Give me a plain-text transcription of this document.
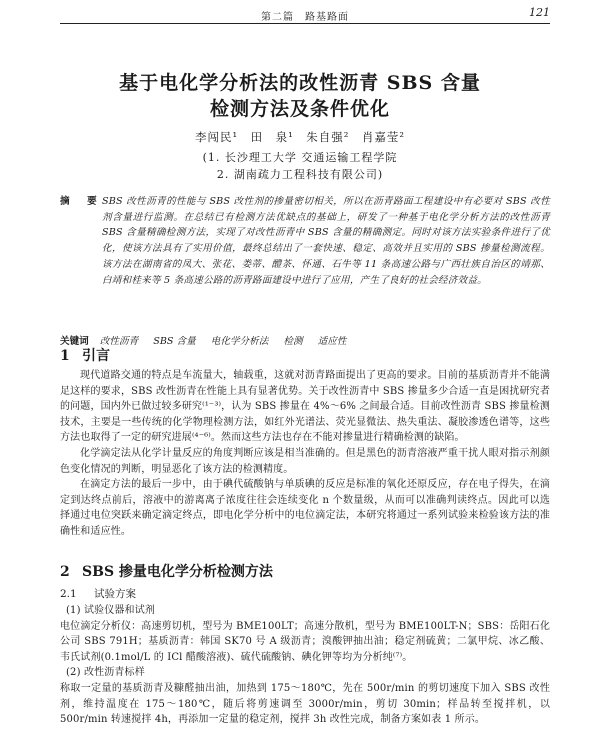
第二篇　路基路面	121
基于电化学分析法的改性沥青 SBS 含量
检测方法及条件优化
李闯民¹　田　泉¹　朱自强²　肖嘉莹²
(1. 长沙理工大学 交通运输工程学院
2. 湖南疏力工程科技有限公司)
摘　要 SBS 改性沥青的性能与 SBS 改性剂的掺量密切相关，所以在沥青路面工程建设中有必要对 SBS 改性剂含量进行监测。在总结已有检测方法优缺点的基础上，研发了一种基于电化学分析方法的改性沥青 SBS 含量精确检测方法，实现了对改性沥青中 SBS 含量的精确测定。同时对该方法实验条件进行了优化，使该方法具有了实用价值，最终总结出了一套快速、稳定、高效并且实用的 SBS 掺量检测流程。该方法在湖南省的凤大、张花、娄蒂、醴茶、怀通、石牛等 11 条高速公路与广西壮族自治区的靖那、白靖和桂来等 5 条高速公路的沥青路面建设中进行了应用，产生了良好的社会经济效益。
关键词 改性沥青 SBS 含量 电化学分析法 检测 适应性
1 引言

现代道路交通的特点是车流量大，轴载重，这就对沥青路面提出了更高的要求。目前的基质沥青并不能满足这样的要求，SBS 改性沥青在性能上具有显著优势。关于改性沥青中 SBS 掺量多少合适一直是困扰研究者的问题，国内外已做过较多研究⁽¹⁻³⁾，认为 SBS 掺量在 4%～6% 之间最合适。目前改性沥青 SBS 掺量检测技术，主要是一些传统的化学物理检测方法，如红外光谱法、荧光显微法、热失重法、凝胶渗透色谱等，这些方法也取得了一定的研究进展⁽⁴⁻⁶⁾。然而这些方法也存在不能对掺量进行精确检测的缺陷。

化学滴定法从化学计量反应的角度判断应该是相当准确的。但是黑色的沥青溶液严重干扰人眼对指示剂颜色变化情况的判断，明显恶化了该方法的检测精度。

在滴定方法的最后一步中，由于碘代硫酸钠与单质碘的反应是标准的氧化还原反应，存在电子得失，在滴定到达终点前后，溶液中的游离离子浓度往往会连续变化 n 个数量级，从而可以准确判读终点。因此可以选择通过电位突跃来确定滴定终点，即电化学分析中的电位滴定法，本研究将通过一系列试验来检验该方法的准确性和适应性。

2 SBS 掺量电化学分析检测方法
2.1 试验方案

(1) 试验仪器和试剂

电位滴定分析仪：高速剪切机，型号为 BME100LT；高速分散机，型号为 BME100LT-N；SBS：岳阳石化公司 SBS 791H；基质沥青：韩国 SK70 号 A 级沥青；溴酸钾抽出油；稳定剂硫黄；二氯甲烷、冰乙酸、韦氏试剂(0.1mol/L 的 ICl 醋酸溶液)、硫代硫酸钠、碘化钾等均为分析纯⁽⁷⁾。

(2) 改性沥青标样

称取一定量的基质沥青及糠醛抽出油，加热到 175～180℃，先在 500r/min 的剪切速度下加入 SBS 改性剂，维持温度在 175～180℃，随后将剪速调至 3000r/min，剪切 30min；样品转至搅拌机，以 500r/min 转速搅拌 4h，再添加一定量的稳定剂，搅拌 3h 改性完成，制备方案如表 1 所示。
